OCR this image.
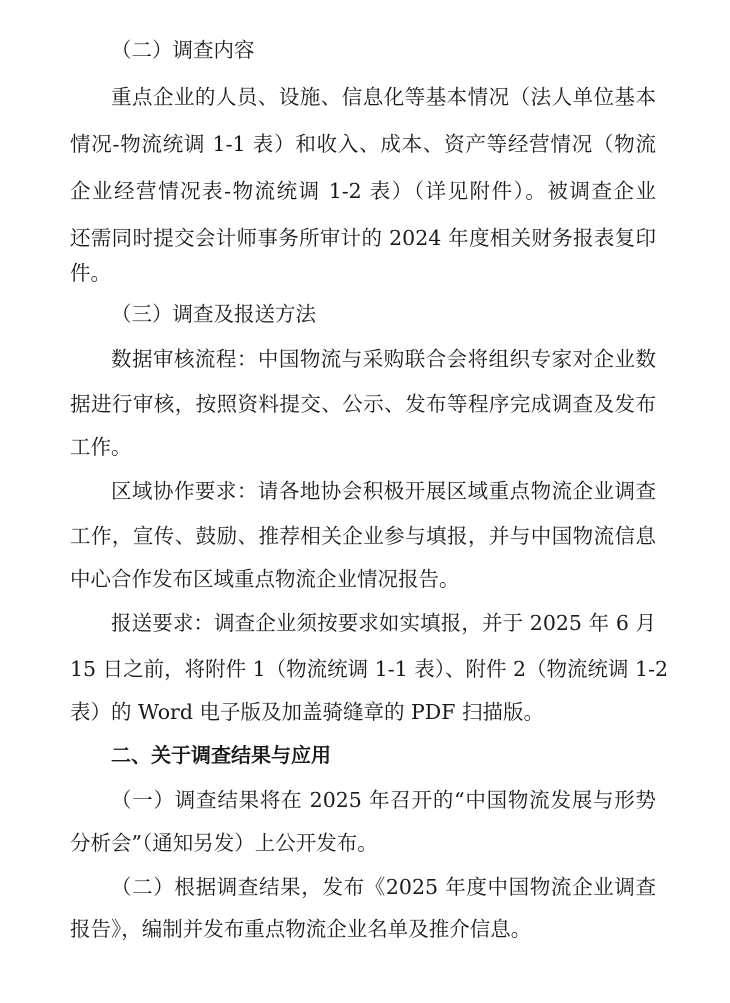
（二）调查内容
重点企业的人员、设施、信息化等基本情况（法人单位基本
情况-物流统调 1-1 表）和收入、成本、资产等经营情况（物流
企业经营情况表-物流统调 1-2 表）（详见附件）。被调查企业
还需同时提交会计师事务所审计的 2024 年度相关财务报表复印
件。
（三）调查及报送方法
数据审核流程：中国物流与采购联合会将组织专家对企业数
据进行审核，按照资料提交、公示、发布等程序完成调查及发布
工作。
区域协作要求：请各地协会积极开展区域重点物流企业调查
工作，宣传、鼓励、推荐相关企业参与填报，并与中国物流信息
中心合作发布区域重点物流企业情况报告。
报送要求：调查企业须按要求如实填报，并于 2025 年 6 月
15 日之前，将附件 1（物流统调 1-1 表）、附件 2（物流统调 1-2
表）的 Word 电子版及加盖骑缝章的 PDF 扫描版。
二、关于调查结果与应用
（一）调查结果将在 2025 年召开的“中国物流发展与形势
分析会”（通知另发）上公开发布。
（二）根据调查结果，发布《2025 年度中国物流企业调查
报告》，编制并发布重点物流企业名单及推介信息。
